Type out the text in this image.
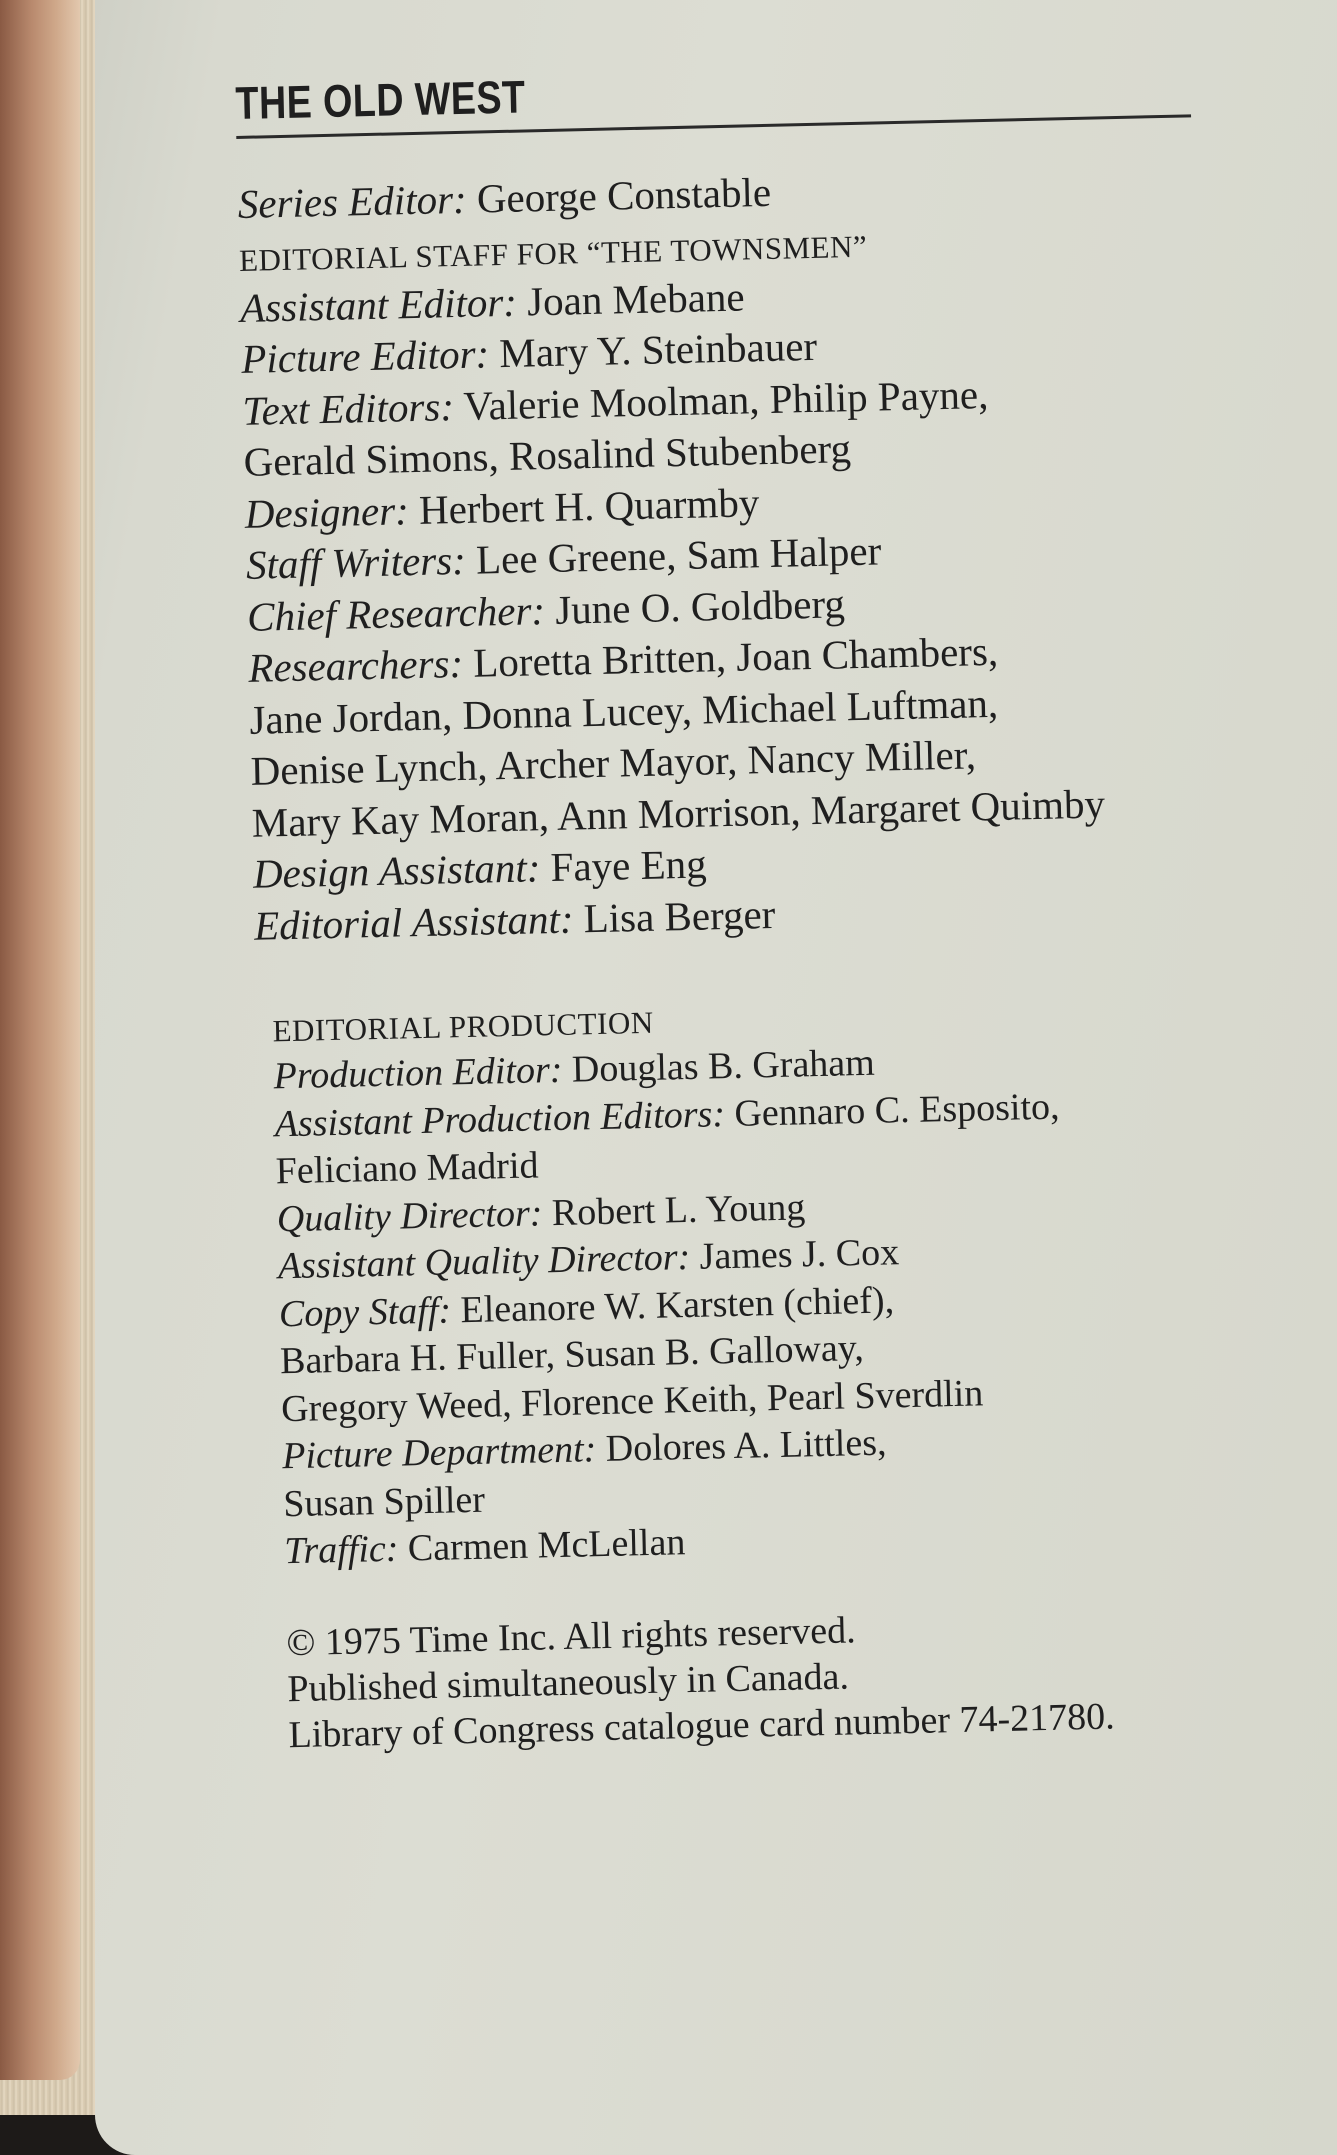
THE OLD WEST
Series Editor: George Constable
EDITORIAL STAFF FOR “THE TOWNSMEN”
Assistant Editor: Joan Mebane
Picture Editor: Mary Y. Steinbauer
Text Editors: Valerie Moolman, Philip Payne,
Gerald Simons, Rosalind Stubenberg
Designer: Herbert H. Quarmby
Staff Writers: Lee Greene, Sam Halper
Chief Researcher: June O. Goldberg
Researchers: Loretta Britten, Joan Chambers,
Jane Jordan, Donna Lucey, Michael Luftman,
Denise Lynch, Archer Mayor, Nancy Miller,
Mary Kay Moran, Ann Morrison, Margaret Quimby
Design Assistant: Faye Eng
Editorial Assistant: Lisa Berger
EDITORIAL PRODUCTION
Production Editor: Douglas B. Graham
Assistant Production Editors: Gennaro C. Esposito,
Feliciano Madrid
Quality Director: Robert L. Young
Assistant Quality Director: James J. Cox
Copy Staff: Eleanore W. Karsten (chief),
Barbara H. Fuller, Susan B. Galloway,
Gregory Weed, Florence Keith, Pearl Sverdlin
Picture Department: Dolores A. Littles,
Susan Spiller
Traffic: Carmen McLellan
© 1975 Time Inc. All rights reserved.
Published simultaneously in Canada.
Library of Congress catalogue card number 74-21780.
